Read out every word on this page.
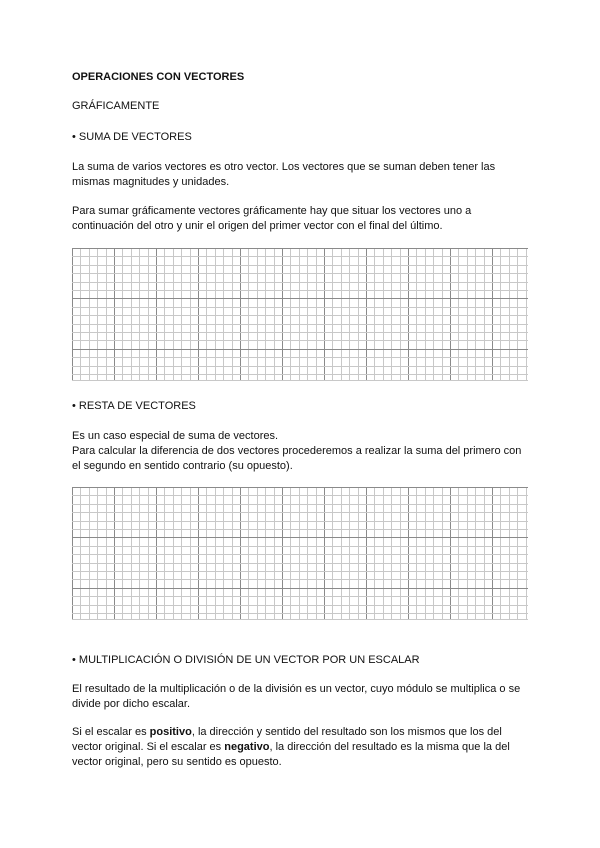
OPERACIONES CON VECTORES
GRÁFICAMENTE
• SUMA DE VECTORES
La suma de varios vectores es otro vector. Los vectores que se suman deben tener las
mismas magnitudes y unidades.
Para sumar gráficamente vectores gráficamente hay que situar los vectores uno a
continuación del otro y unir el origen del primer vector con el final del último.
• RESTA DE VECTORES
Es un caso especial de suma de vectores.
Para calcular la diferencia de dos vectores procederemos a realizar la suma del primero con
el segundo en sentido contrario (su opuesto).
• MULTIPLICACIÓN O DIVISIÓN DE UN VECTOR POR UN ESCALAR
El resultado de la multiplicación o de la división es un vector, cuyo módulo se multiplica o se
divide por dicho escalar.
Si el escalar es positivo, la dirección y sentido del resultado son los mismos que los del
vector original. Si el escalar es negativo, la dirección del resultado es la misma que la del
vector original, pero su sentido es opuesto.
